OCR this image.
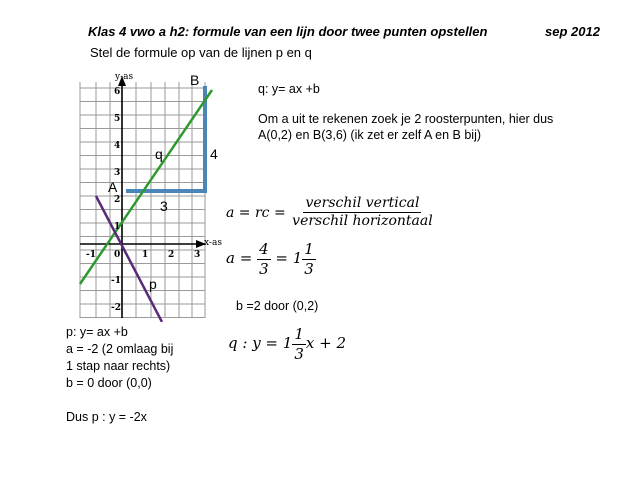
Klas 4 vwo a h2: formule van een lijn door twee punten opstellen	sep 2012
Stel de formule op van de lijnen p en q
y-as
-1 0 1 2 3
6
5
4
3
2
1
-1
-2
x-as
B
A
q
p
4
3
q: y= ax +b
Om a uit te rekenen zoek je 2 roosterpunten, hier dus
A(0,2) en B(3,6) (ik zet er zelf A en B bij)
a = rc = $\frac{\text{verschil vertical}}{\text{verschil horizontaal}}$
$a = \frac{4}{3} = 1 \frac{1}{3}$
b =2 door (0,2)
q : $y = 1 \frac{1}{3}$ x + 2
p: y= ax +b
a = -2 (2 omlaag bij
1 stap naar rechts)
b = 0 door (0,0)
Dus p : y = -2x
